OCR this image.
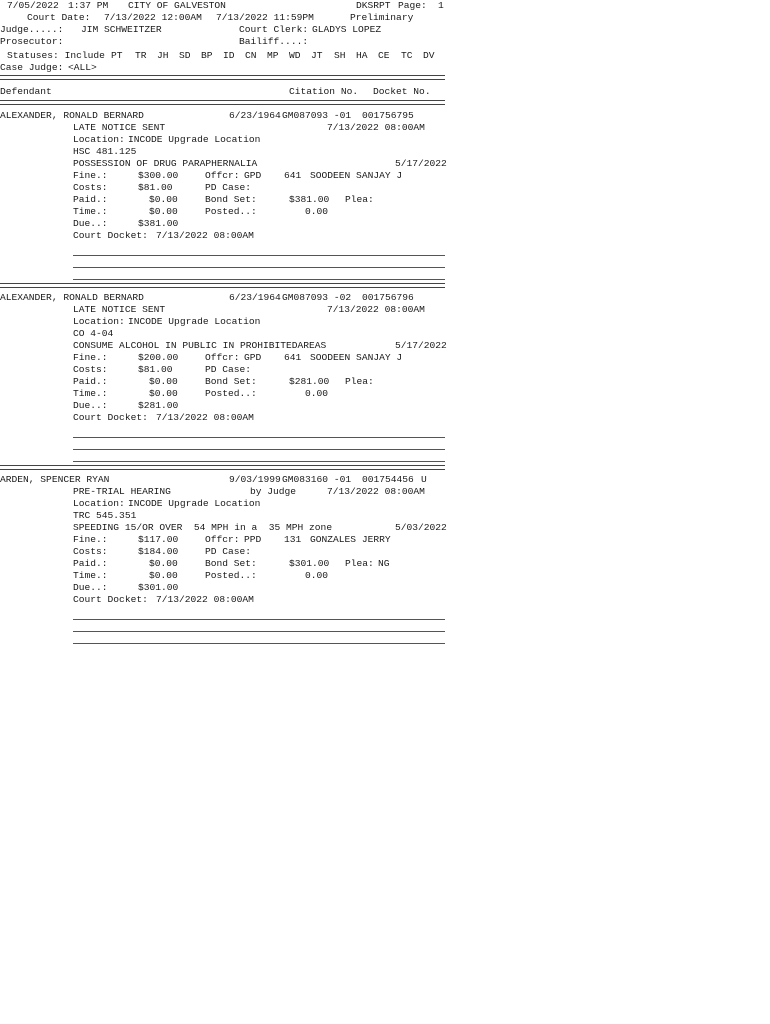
7/05/2022 1:37 PM CITY OF GALVESTON	DKSRPT Page: 1
Court Date: 7/13/2022 12:00AM 7/13/2022 11:59PM	Preliminary
Judge.....: JIM SCHWEITZER	Court Clerk: GLADYS LOPEZ
Prosecutor:	Bailiff....:
Statuses: Include PT TR JH SD BP ID CN MP WD JT SH HA CE TC DV
Case Judge: <ALL>
Defendant	Citation No. Docket No.
ALEXANDER, RONALD BERNARD	6/23/1964 GM087093 -01 001756795
LATE NOTICE SENT	7/13/2022 08:00AM
Location: INCODE Upgrade Location
HSC 481.125
POSSESSION OF DRUG PARAPHERNALIA	5/17/2022
Fine.:	$300.00	Offcr: GPD 641 SOODEEN SANJAY J
Costs:	$81.00	PD Case:
Paid.:	$0.00	Bond Set:	$381.00 Plea:
Time.:	$0.00	Posted..:	0.00
Due..:	$381.00
Court Docket: 7/13/2022 08:00AM
ALEXANDER, RONALD BERNARD	6/23/1964 GM087093 -02 001756796
LATE NOTICE SENT	7/13/2022 08:00AM
Location: INCODE Upgrade Location
CO 4-04
CONSUME ALCOHOL IN PUBLIC IN PROHIBITEDAREAS	5/17/2022
Fine.:	$200.00	Offcr: GPD 641 SOODEEN SANJAY J
Costs:	$81.00	PD Case:
Paid.:	$0.00	Bond Set:	$281.00 Plea:
Time.:	$0.00	Posted..:	0.00
Due..:	$281.00
Court Docket: 7/13/2022 08:00AM
ARDEN, SPENCER RYAN	9/03/1999 GM083160 -01 001754456 U
PRE-TRIAL HEARING	by Judge	7/13/2022 08:00AM
Location: INCODE Upgrade Location
TRC 545.351
SPEEDING 15/OR OVER  54 MPH in a  35 MPH zone	5/03/2022
Fine.:	$117.00	Offcr: PPD 131 GONZALES JERRY
Costs:	$184.00	PD Case:
Paid.:	$0.00	Bond Set:	$301.00 Plea: NG
Time.:	$0.00	Posted..:	0.00
Due..:	$301.00
Court Docket: 7/13/2022 08:00AM
